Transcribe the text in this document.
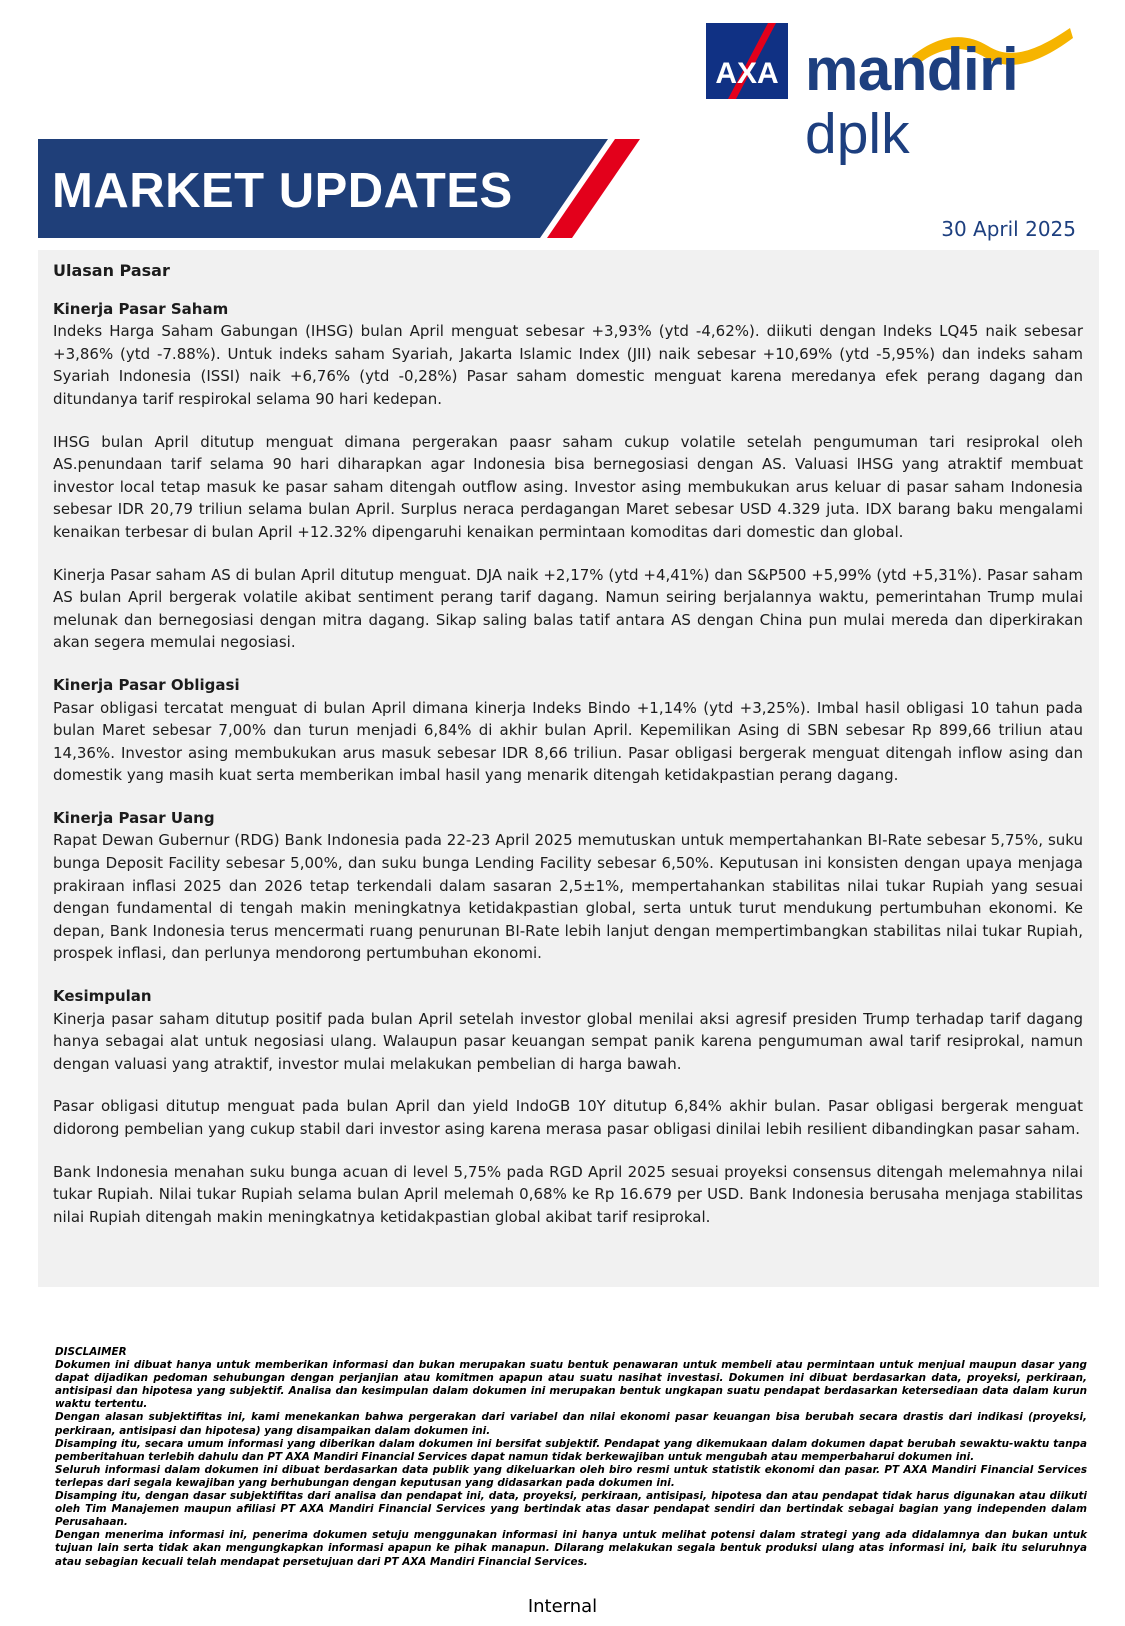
MARKET UPDATES
AXA mandiri
dplk
30 April 2025
Ulasan Pasar
Kinerja Pasar Saham

Indeks Harga Saham Gabungan (IHSG) bulan April menguat sebesar +3,93% (ytd -4,62%). diikuti dengan Indeks LQ45 naik sebesar +3,86% (ytd -7.88%). Untuk indeks saham Syariah, Jakarta Islamic Index (JII) naik sebesar +10,69% (ytd -5,95%) dan indeks saham Syariah Indonesia (ISSI) naik +6,76% (ytd -0,28%) Pasar saham domestic menguat karena meredanya efek perang dagang dan ditundanya tarif respirokal selama 90 hari kedepan.

IHSG bulan April ditutup menguat dimana pergerakan paasr saham cukup volatile setelah pengumuman tari resiprokal oleh AS.penundaan tarif selama 90 hari diharapkan agar Indonesia bisa bernegosiasi dengan AS. Valuasi IHSG yang atraktif membuat investor local tetap masuk ke pasar saham ditengah outflow asing. Investor asing membukukan arus keluar di pasar saham Indonesia sebesar IDR 20,79 triliun selama bulan April. Surplus neraca perdagangan Maret sebesar USD 4.329 juta. IDX barang baku mengalami kenaikan terbesar di bulan April +12.32% dipengaruhi kenaikan permintaan komoditas dari domestic dan global.

Kinerja Pasar saham AS di bulan April ditutup menguat. DJA naik +2,17% (ytd +4,41%) dan S&P500 +5,99% (ytd +5,31%). Pasar saham AS bulan April bergerak volatile akibat sentiment perang tarif dagang. Namun seiring berjalannya waktu, pemerintahan Trump mulai melunak dan bernegosiasi dengan mitra dagang. Sikap saling balas tatif antara AS dengan China pun mulai mereda dan diperkirakan akan segera memulai negosiasi.

Kinerja Pasar Obligasi

Pasar obligasi tercatat menguat di bulan April dimana kinerja Indeks Bindo +1,14% (ytd +3,25%). Imbal hasil obligasi 10 tahun pada bulan Maret sebesar 7,00% dan turun menjadi 6,84% di akhir bulan April. Kepemilikan Asing di SBN sebesar Rp 899,66 triliun atau 14,36%. Investor asing membukukan arus masuk sebesar IDR 8,66 triliun. Pasar obligasi bergerak menguat ditengah inflow asing dan domestik yang masih kuat serta memberikan imbal hasil yang menarik ditengah ketidakpastian perang dagang.

Kinerja Pasar Uang

Rapat Dewan Gubernur (RDG) Bank Indonesia pada 22-23 April 2025 memutuskan untuk mempertahankan BI-Rate sebesar 5,75%, suku bunga Deposit Facility sebesar 5,00%, dan suku bunga Lending Facility sebesar 6,50%. Keputusan ini konsisten dengan upaya menjaga prakiraan inflasi 2025 dan 2026 tetap terkendali dalam sasaran 2,5±1%, mempertahankan stabilitas nilai tukar Rupiah yang sesuai dengan fundamental di tengah makin meningkatnya ketidakpastian global, serta untuk turut mendukung pertumbuhan ekonomi. Ke depan, Bank Indonesia terus mencermati ruang penurunan BI-Rate lebih lanjut dengan mempertimbangkan stabilitas nilai tukar Rupiah, prospek inflasi, dan perlunya mendorong pertumbuhan ekonomi.

Kesimpulan

Kinerja pasar saham ditutup positif pada bulan April setelah investor global menilai aksi agresif presiden Trump terhadap tarif dagang hanya sebagai alat untuk negosiasi ulang. Walaupun pasar keuangan sempat panik karena pengumuman awal tarif resiprokal, namun dengan valuasi yang atraktif, investor mulai melakukan pembelian di harga bawah.

Pasar obligasi ditutup menguat pada bulan April dan yield IndoGB 10Y ditutup 6,84% akhir bulan. Pasar obligasi bergerak menguat didorong pembelian yang cukup stabil dari investor asing karena merasa pasar obligasi dinilai lebih resilient dibandingkan pasar saham.

Bank Indonesia menahan suku bunga acuan di level 5,75% pada RGD April 2025 sesuai proyeksi consensus ditengah melemahnya nilai tukar Rupiah. Nilai tukar Rupiah selama bulan April melemah 0,68% ke Rp 16.679 per USD. Bank Indonesia berusaha menjaga stabilitas nilai Rupiah ditengah makin meningkatnya ketidakpastian global akibat tarif resiprokal.

DISCLAIMER

Dokumen ini dibuat hanya untuk memberikan informasi dan bukan merupakan suatu bentuk penawaran untuk membeli atau permintaan untuk menjual maupun dasar yang dapat dijadikan pedoman sehubungan dengan perjanjian atau komitmen apapun atau suatu nasihat investasi. Dokumen ini dibuat berdasarkan data, proyeksi, perkiraan, antisipasi dan hipotesa yang subjektif. Analisa dan kesimpulan dalam dokumen ini merupakan bentuk ungkapan suatu pendapat berdasarkan ketersediaan data dalam kurun waktu tertentu.

Dengan alasan subjektifitas ini, kami menekankan bahwa pergerakan dari variabel dan nilai ekonomi pasar keuangan bisa berubah secara drastis dari indikasi (proyeksi, perkiraan, antisipasi dan hipotesa) yang disampaikan dalam dokumen ini.

Disamping itu, secara umum informasi yang diberikan dalam dokumen ini bersifat subjektif. Pendapat yang dikemukaan dalam dokumen dapat berubah sewaktu-waktu tanpa pemberitahuan terlebih dahulu dan PT AXA Mandiri Financial Services dapat namun tidak berkewajiban untuk mengubah atau memperbaharui dokumen ini.

Seluruh informasi dalam dokumen ini dibuat berdasarkan data publik yang dikeluarkan oleh biro resmi untuk statistik ekonomi dan pasar. PT AXA Mandiri Financial Services terlepas dari segala kewajiban yang berhubungan dengan keputusan yang didasarkan pada dokumen ini.

Disamping itu, dengan dasar subjektifitas dari analisa dan pendapat ini, data, proyeksi, perkiraan, antisipasi, hipotesa dan atau pendapat tidak harus digunakan atau diikuti oleh Tim Manajemen maupun afiliasi PT AXA Mandiri Financial Services yang bertindak atas dasar pendapat sendiri dan bertindak sebagai bagian yang independen dalam Perusahaan.

Dengan menerima informasi ini, penerima dokumen setuju menggunakan informasi ini hanya untuk melihat potensi dalam strategi yang ada didalamnya dan bukan untuk tujuan lain serta tidak akan mengungkapkan informasi apapun ke pihak manapun. Dilarang melakukan segala bentuk produksi ulang atas informasi ini, baik itu seluruhnya atau sebagian kecuali telah mendapat persetujuan dari PT AXA Mandiri Financial Services.

Internal
